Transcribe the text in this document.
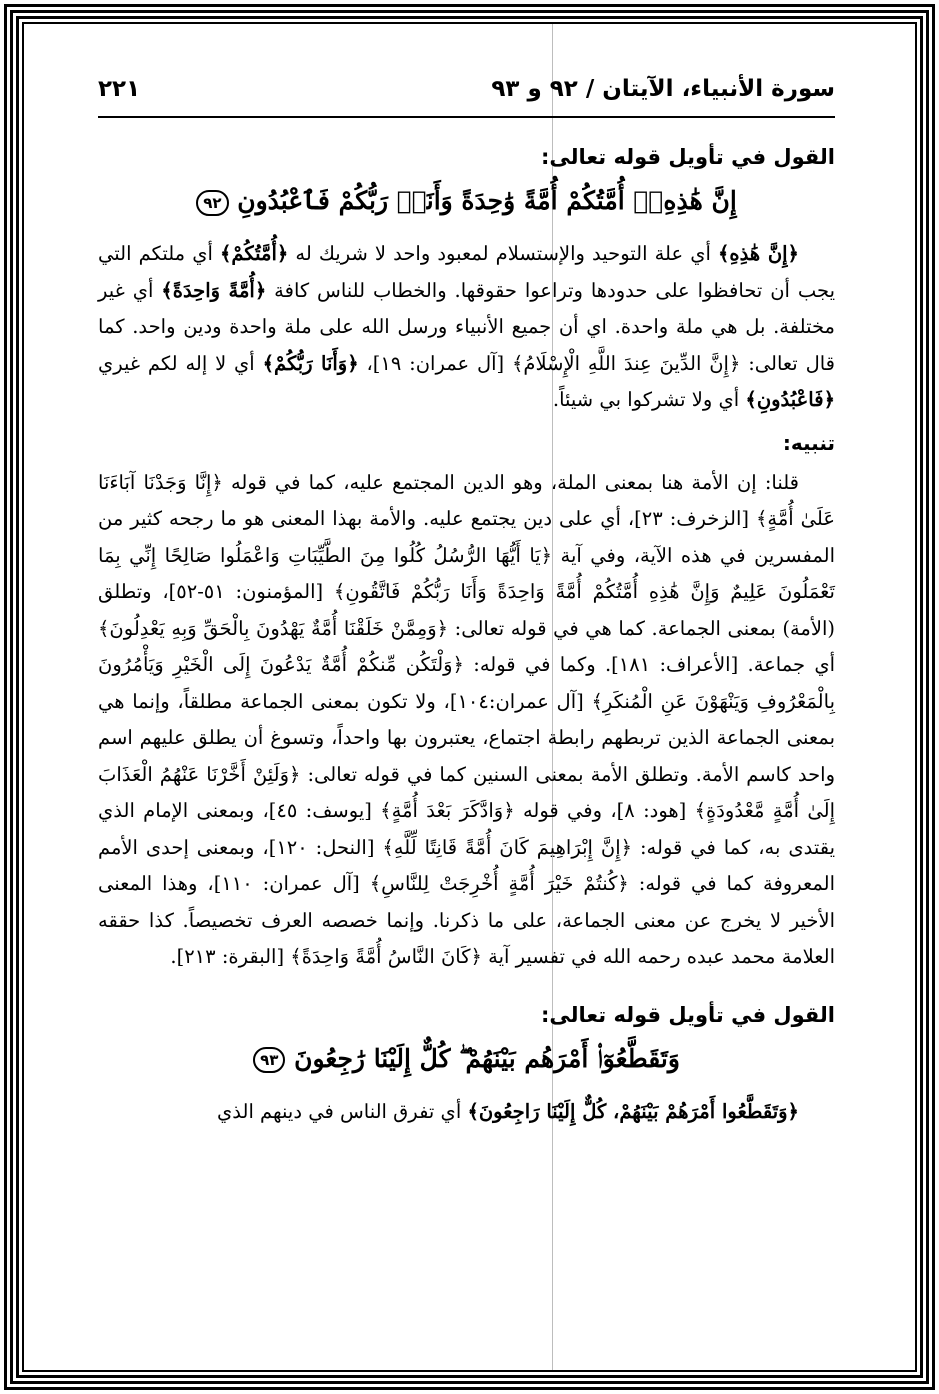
سورة الأنبياء، الآيتان / ٩٢ و ٩٣
٢٢١
القول في تأويل قوله تعالى:
إِنَّ هَٰذِهِۦٓ أُمَّتُكُمْ أُمَّةً وَٰحِدَةً وَأَنَا۠ رَبُّكُمْ فَٱعْبُدُونِ ٩٢

﴿إِنَّ هَٰذِهِ﴾ أي علة التوحيد والإستسلام لمعبود واحد لا شريك له ﴿أُمَّتُكُمْ﴾ أي ملتكم التي يجب أن تحافظوا على حدودها وتراعوا حقوقها. والخطاب للناس كافة ﴿أُمَّةً وَاحِدَةً﴾ أي غير مختلفة. بل هي ملة واحدة. اي أن جميع الأنبياء ورسل الله على ملة واحدة ودين واحد. كما قال تعالى: ﴿إِنَّ الدِّينَ عِندَ اللَّهِ الْإِسْلَامُ﴾ [آل عمران: ١٩]، ﴿وَأَنَا رَبُّكُمْ﴾ أي لا إله لكم غيري ﴿فَاعْبُدُونِ﴾ أي ولا تشركوا بي شيئاً.

تنبيه:

قلنا: إن الأمة هنا بمعنى الملة، وهو الدين المجتمع عليه، كما في قوله ﴿إِنَّا وَجَدْنَا آبَاءَنَا عَلَىٰ أُمَّةٍ﴾ [الزخرف: ٢٣]، أي على دين يجتمع عليه. والأمة بهذا المعنى هو ما رجحه كثير من المفسرين في هذه الآية، وفي آية ﴿يَا أَيُّهَا الرُّسُلُ كُلُوا مِنَ الطَّيِّبَاتِ وَاعْمَلُوا صَالِحًا إِنِّي بِمَا تَعْمَلُونَ عَلِيمٌ وَإِنَّ هَٰذِهِ أُمَّتُكُمْ أُمَّةً وَاحِدَةً وَأَنَا رَبُّكُمْ فَاتَّقُونِ﴾ [المؤمنون: ٥١-٥٢]، وتطلق (الأمة) بمعنى الجماعة. كما هي في قوله تعالى: ﴿وَمِمَّنْ خَلَقْنَا أُمَّةٌ يَهْدُونَ بِالْحَقِّ وَبِهِ يَعْدِلُونَ﴾ أي جماعة. [الأعراف: ١٨١]. وكما في قوله: ﴿وَلْتَكُن مِّنكُمْ أُمَّةٌ يَدْعُونَ إِلَى الْخَيْرِ وَيَأْمُرُونَ بِالْمَعْرُوفِ وَيَنْهَوْنَ عَنِ الْمُنكَرِ﴾ [آل عمران:١٠٤]، ولا تكون بمعنى الجماعة مطلقاً، وإنما هي بمعنى الجماعة الذين تربطهم رابطة اجتماع، يعتبرون بها واحداً، وتسوغ أن يطلق عليهم اسم واحد كاسم الأمة. وتطلق الأمة بمعنى السنين كما في قوله تعالى: ﴿وَلَئِنْ أَخَّرْنَا عَنْهُمُ الْعَذَابَ إِلَىٰ أُمَّةٍ مَّعْدُودَةٍ﴾ [هود: ٨]، وفي قوله ﴿وَادَّكَرَ بَعْدَ أُمَّةٍ﴾ [يوسف: ٤٥]، وبمعنى الإمام الذي يقتدى به، كما في قوله: ﴿إِنَّ إِبْرَاهِيمَ كَانَ أُمَّةً قَانِتًا لِّلَّهِ﴾ [النحل: ١٢٠]، وبمعنى إحدى الأمم المعروفة كما في قوله: ﴿كُنتُمْ خَيْرَ أُمَّةٍ أُخْرِجَتْ لِلنَّاسِ﴾ [آل عمران: ١١٠]، وهذا المعنى الأخير لا يخرج عن معنى الجماعة، على ما ذكرنا. وإنما خصصه العرف تخصيصاً. كذا حققه العلامة محمد عبده رحمه الله في تفسير آية ﴿كَانَ النَّاسُ أُمَّةً وَاحِدَةً﴾ [البقرة: ٢١٣].

القول في تأويل قوله تعالى:
وَتَقَطَّعُوٓا۟ أَمْرَهُم بَيْنَهُمْ ۖ كُلٌّ إِلَيْنَا رَٰجِعُونَ ٩٣

﴿وَتَقَطَّعُوا أَمْرَهُمْ بَيْنَهُمْ، كُلٌّ إِلَيْنَا رَاجِعُونَ﴾ أي تفرق الناس في دينهم الذي
